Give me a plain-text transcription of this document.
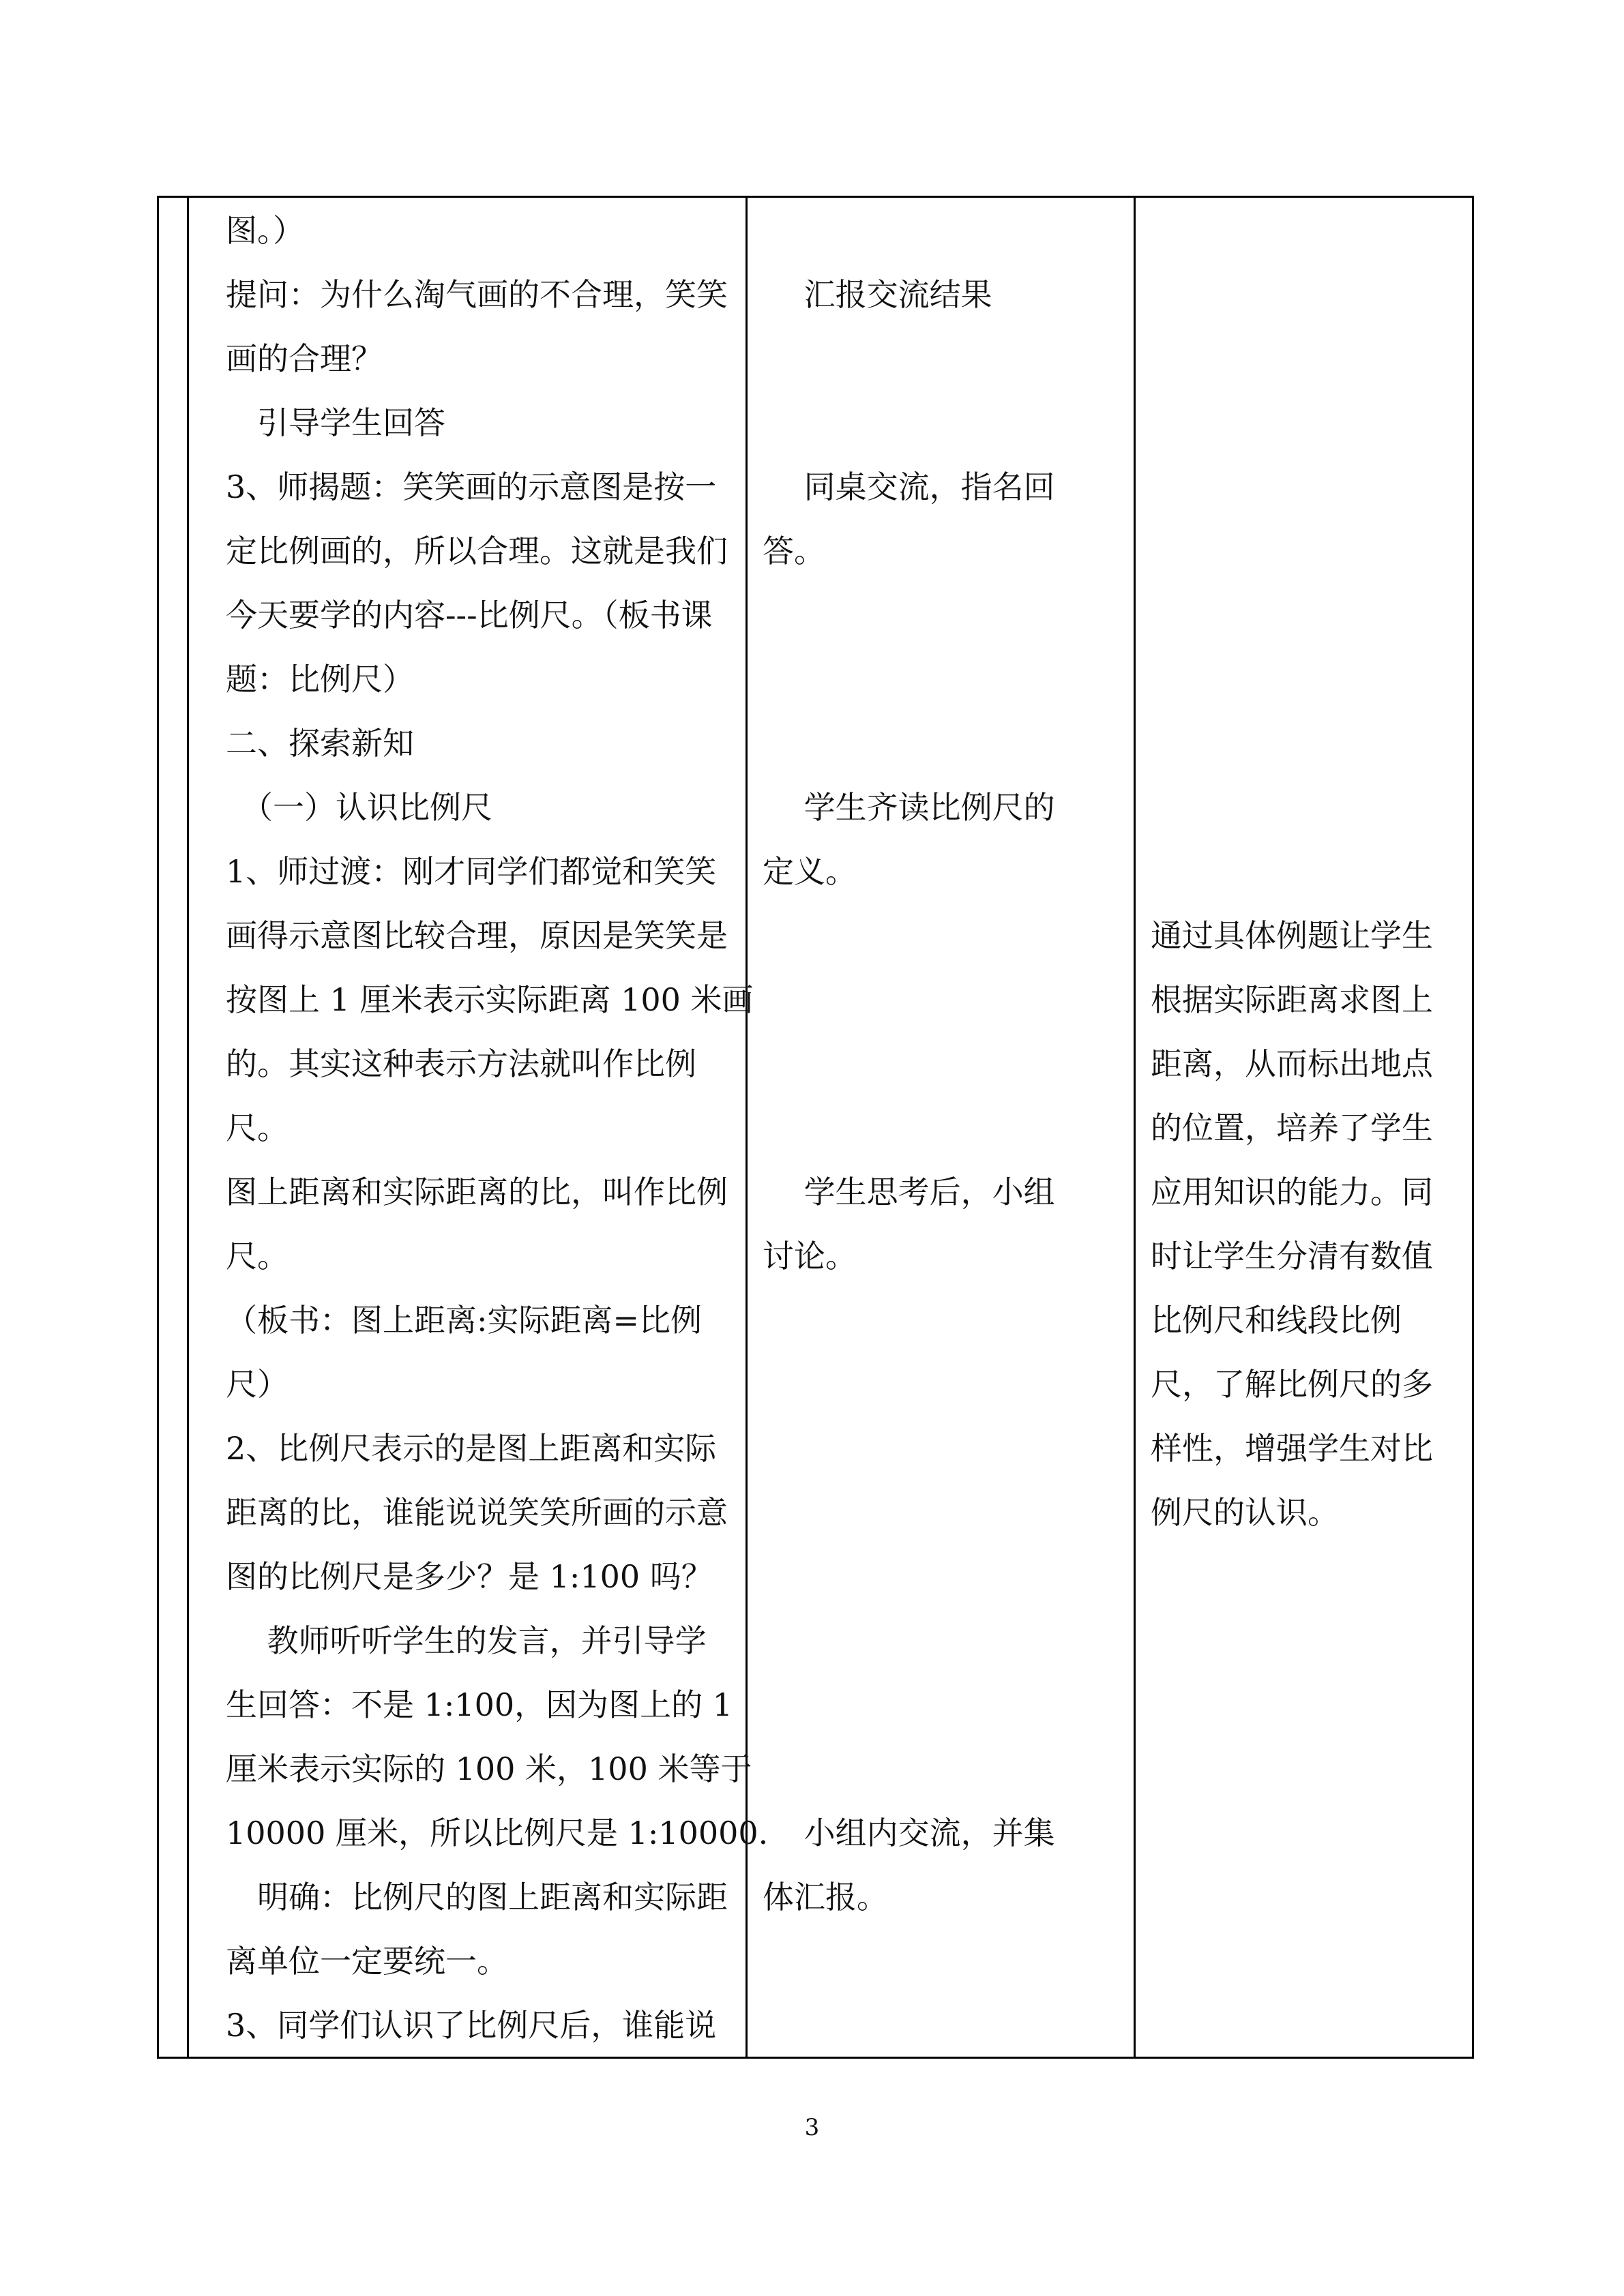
图。）
提问：为什么淘气画的不合理，笑笑
画的合理？
　引导学生回答
3、师揭题：笑笑画的示意图是按一
定比例画的，所以合理。这就是我们
今天要学的内容---比例尺。（板书课
题：比例尺）
二、探索新知
　（一）认识比例尺
1、师过渡：刚才同学们都觉和笑笑
画得示意图比较合理，原因是笑笑是
按图上 1 厘米表示实际距离 100 米画
的。其实这种表示方法就叫作比例
尺。
图上距离和实际距离的比，叫作比例
尺。
（板书：图上距离:实际距离=比例
尺）
2、比例尺表示的是图上距离和实际
距离的比，谁能说说笑笑所画的示意
图的比例尺是多少？是 1:100 吗？
　 教师听听学生的发言，并引导学
生回答：不是 1:100，因为图上的 1
厘米表示实际的 100 米，100 米等于
10000 厘米，所以比例尺是 1:10000.
　明确：比例尺的图上距离和实际距
离单位一定要统一。
3、同学们认识了比例尺后，谁能说
　 汇报交流结果
　 同桌交流，指名回
答。
　 学生齐读比例尺的
定义。
　 学生思考后，小组
讨论。
　 小组内交流，并集
体汇报。
通过具体例题让学生
根据实际距离求图上
距离，从而标出地点
的位置，培养了学生
应用知识的能力。同
时让学生分清有数值
比例尺和线段比例
尺，了解比例尺的多
样性，增强学生对比
例尺的认识。
3
